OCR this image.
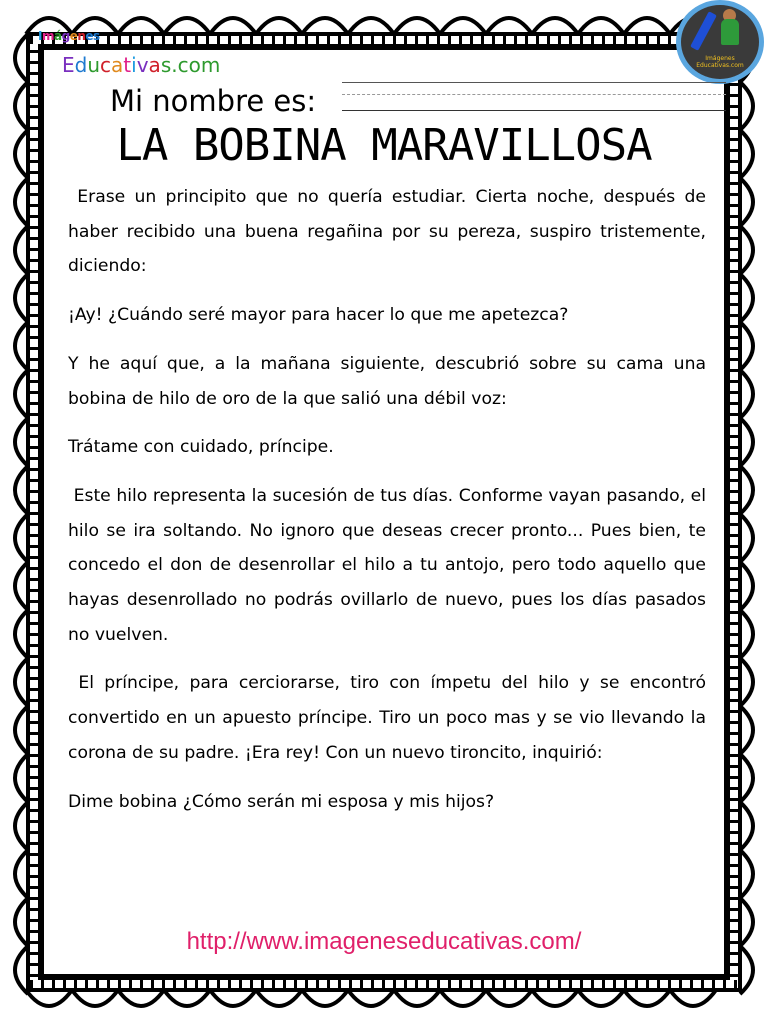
Imágenes
Educativas.com	Imágenes Educativas.com
Mi nombre es:
LA BOBINA MARAVILLOSA

Erase un principito que no quería estudiar. Cierta noche, después de haber recibido una buena regañina por su pereza, suspiro tristemente, diciendo:

¡Ay! ¿Cuándo seré mayor para hacer lo que me apetezca?

Y he aquí que, a la mañana siguiente, descubrió sobre su cama una bobina de hilo de oro de la que salió una débil voz:

Trátame con cuidado, príncipe.

Este hilo representa la sucesión de tus días. Conforme vayan pasando, el hilo se ira soltando. No ignoro que deseas crecer pronto... Pues bien, te concedo el don de desenrollar el hilo a tu antojo, pero todo aquello que hayas desenrollado no podrás ovillarlo de nuevo, pues los días pasados no vuelven.

El príncipe, para cerciorarse, tiro con ímpetu del hilo y se encontró convertido en un apuesto príncipe. Tiro un poco mas y se vio llevando la corona de su padre. ¡Era rey! Con un nuevo tironcito, inquirió:

Dime bobina ¿Cómo serán mi esposa y mis hijos?

http://www.imageneseducativas.com/
